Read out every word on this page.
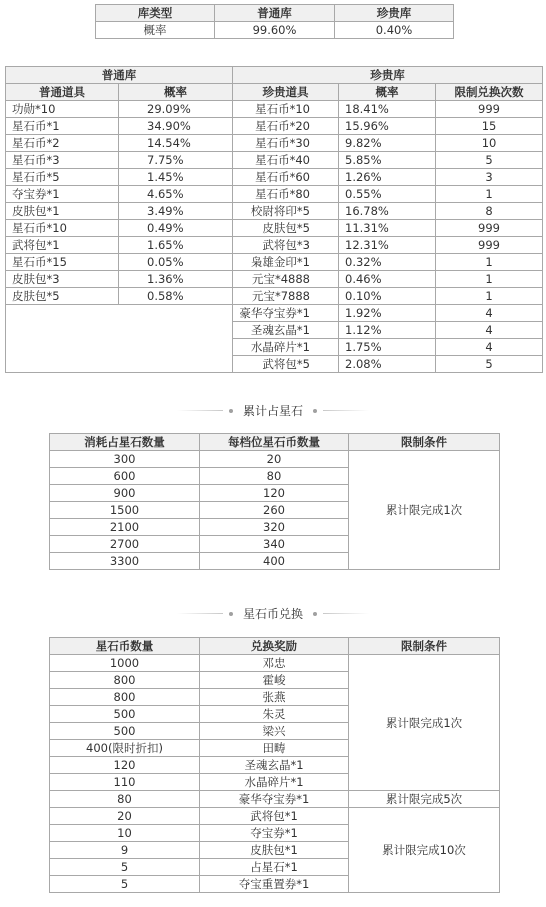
库类型	普通库	珍贵库
概率	99.60%	0.40%
普通库		珍贵库		
普通道具	概率	珍贵道具	概率	限制兑换次数
功勋*10	29.09%	星石币*10	18.41%	999
星石币*1	34.90%	星石币*20	15.96%	15
星石币*2	14.54%	星石币*30	9.82%	10
星石币*3	7.75%	星石币*40	5.85%	5
星石币*5	1.45%	星石币*60	1.26%	3
夺宝券*1	4.65%	星石币*80	0.55%	1
皮肤包*1	3.49%	校尉将印*5	16.78%	8
星石币*10	0.49%	皮肤包*5	11.31%	999
武将包*1	1.65%	武将包*3	12.31%	999
星石币*15	0.05%	枭雄金印*1	0.32%	1
皮肤包*3	1.36%	元宝*4888	0.46%	1
皮肤包*5	0.58%	元宝*7888	0.10%	1
		豪华夺宝券*1	1.92%	4
		圣魂玄晶*1	1.12%	4
		水晶碎片*1	1.75%	4
		武将包*5	2.08%	5
累计占星石
消耗占星石数量	每档位星石币数量	限制条件
300	20	累计限完成1次
600	80	
900	120	
1500	260	
2100	320	
2700	340	
3300	400	
星石币兑换
星石币数量	兑换奖励	限制条件
1000	邓忠	累计限完成1次
800	霍峻	
800	张燕	
500	朱灵	
500	梁兴	
400(限时折扣)	田畴	
120	圣魂玄晶*1	
110	水晶碎片*1	
80	豪华夺宝券*1	累计限完成5次
20	武将包*1	累计限完成10次
10	夺宝券*1	
9	皮肤包*1	
5	占星石*1	
5	夺宝重置券*1	
